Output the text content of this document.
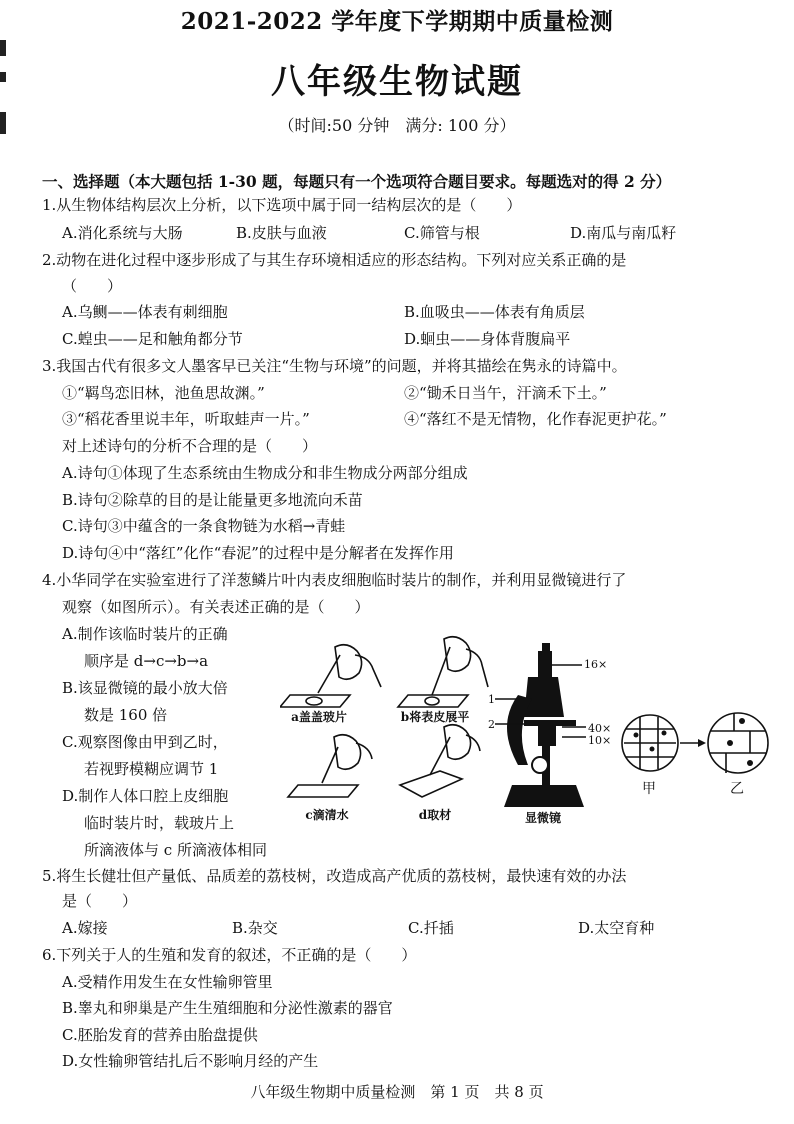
2021-2022 学年度下学期期中质量检测
八年级生物试题
（时间:50 分钟　满分: 100 分）
一、选择题（本大题包括 1-30 题，每题只有一个选项符合题目要求。每题选对的得 2 分）
1.从生物体结构层次上分析，以下选项中属于同一结构层次的是（　　）
A.消化系统与大肠	B.皮肤与血液	C.筛管与根	D.南瓜与南瓜籽
2.动物在进化过程中逐步形成了与其生存环境相适应的形态结构。下列对应关系正确的是
（　　）
A.乌鲗——体表有刺细胞	B.血吸虫——体表有角质层
C.蝗虫——足和触角都分节	D.蛔虫——身体背腹扁平
3.我国古代有很多文人墨客早已关注“生物与环境”的问题，并将其描绘在隽永的诗篇中。
①“羁鸟恋旧林，池鱼思故渊。”	②“锄禾日当午，汗滴禾下土。”
③“稻花香里说丰年，听取蛙声一片。”	④“落红不是无情物，化作春泥更护花。”
对上述诗句的分析不合理的是（　　）
A.诗句①体现了生态系统由生物成分和非生物成分两部分组成
B.诗句②除草的目的是让能量更多地流向禾苗
C.诗句③中蕴含的一条食物链为水稻→青蛙
D.诗句④中“落红”化作“春泥”的过程中是分解者在发挥作用
4.小华同学在实验室进行了洋葱鳞片叶内表皮细胞临时装片的制作，并利用显微镜进行了
观察（如图所示）。有关表述正确的是（　　）
A.制作该临时装片的正确
顺序是 d→c→b→a
B.该显微镜的最小放大倍
数是 160 倍
C.观察图像由甲到乙时，
若视野模糊应调节 1
D.制作人体口腔上皮细胞
临时装片时，载玻片上
所滴液体与 c 所滴液体相同
a盖盖玻片	b将表皮展平
c滴清水	d取材	显微镜
1
2
16×
40×
10×
甲	乙
5.将生长健壮但产量低、品质差的荔枝树，改造成高产优质的荔枝树，最快速有效的办法
是（　　）
A.嫁接	B.杂交	C.扦插	D.太空育种
6.下列关于人的生殖和发育的叙述，不正确的是（　　）
A.受精作用发生在女性输卵管里
B.睾丸和卵巢是产生生殖细胞和分泌性激素的器官
C.胚胎发育的营养由胎盘提供
D.女性输卵管结扎后不影响月经的产生
八年级生物期中质量检测　第 1 页　共 8 页
